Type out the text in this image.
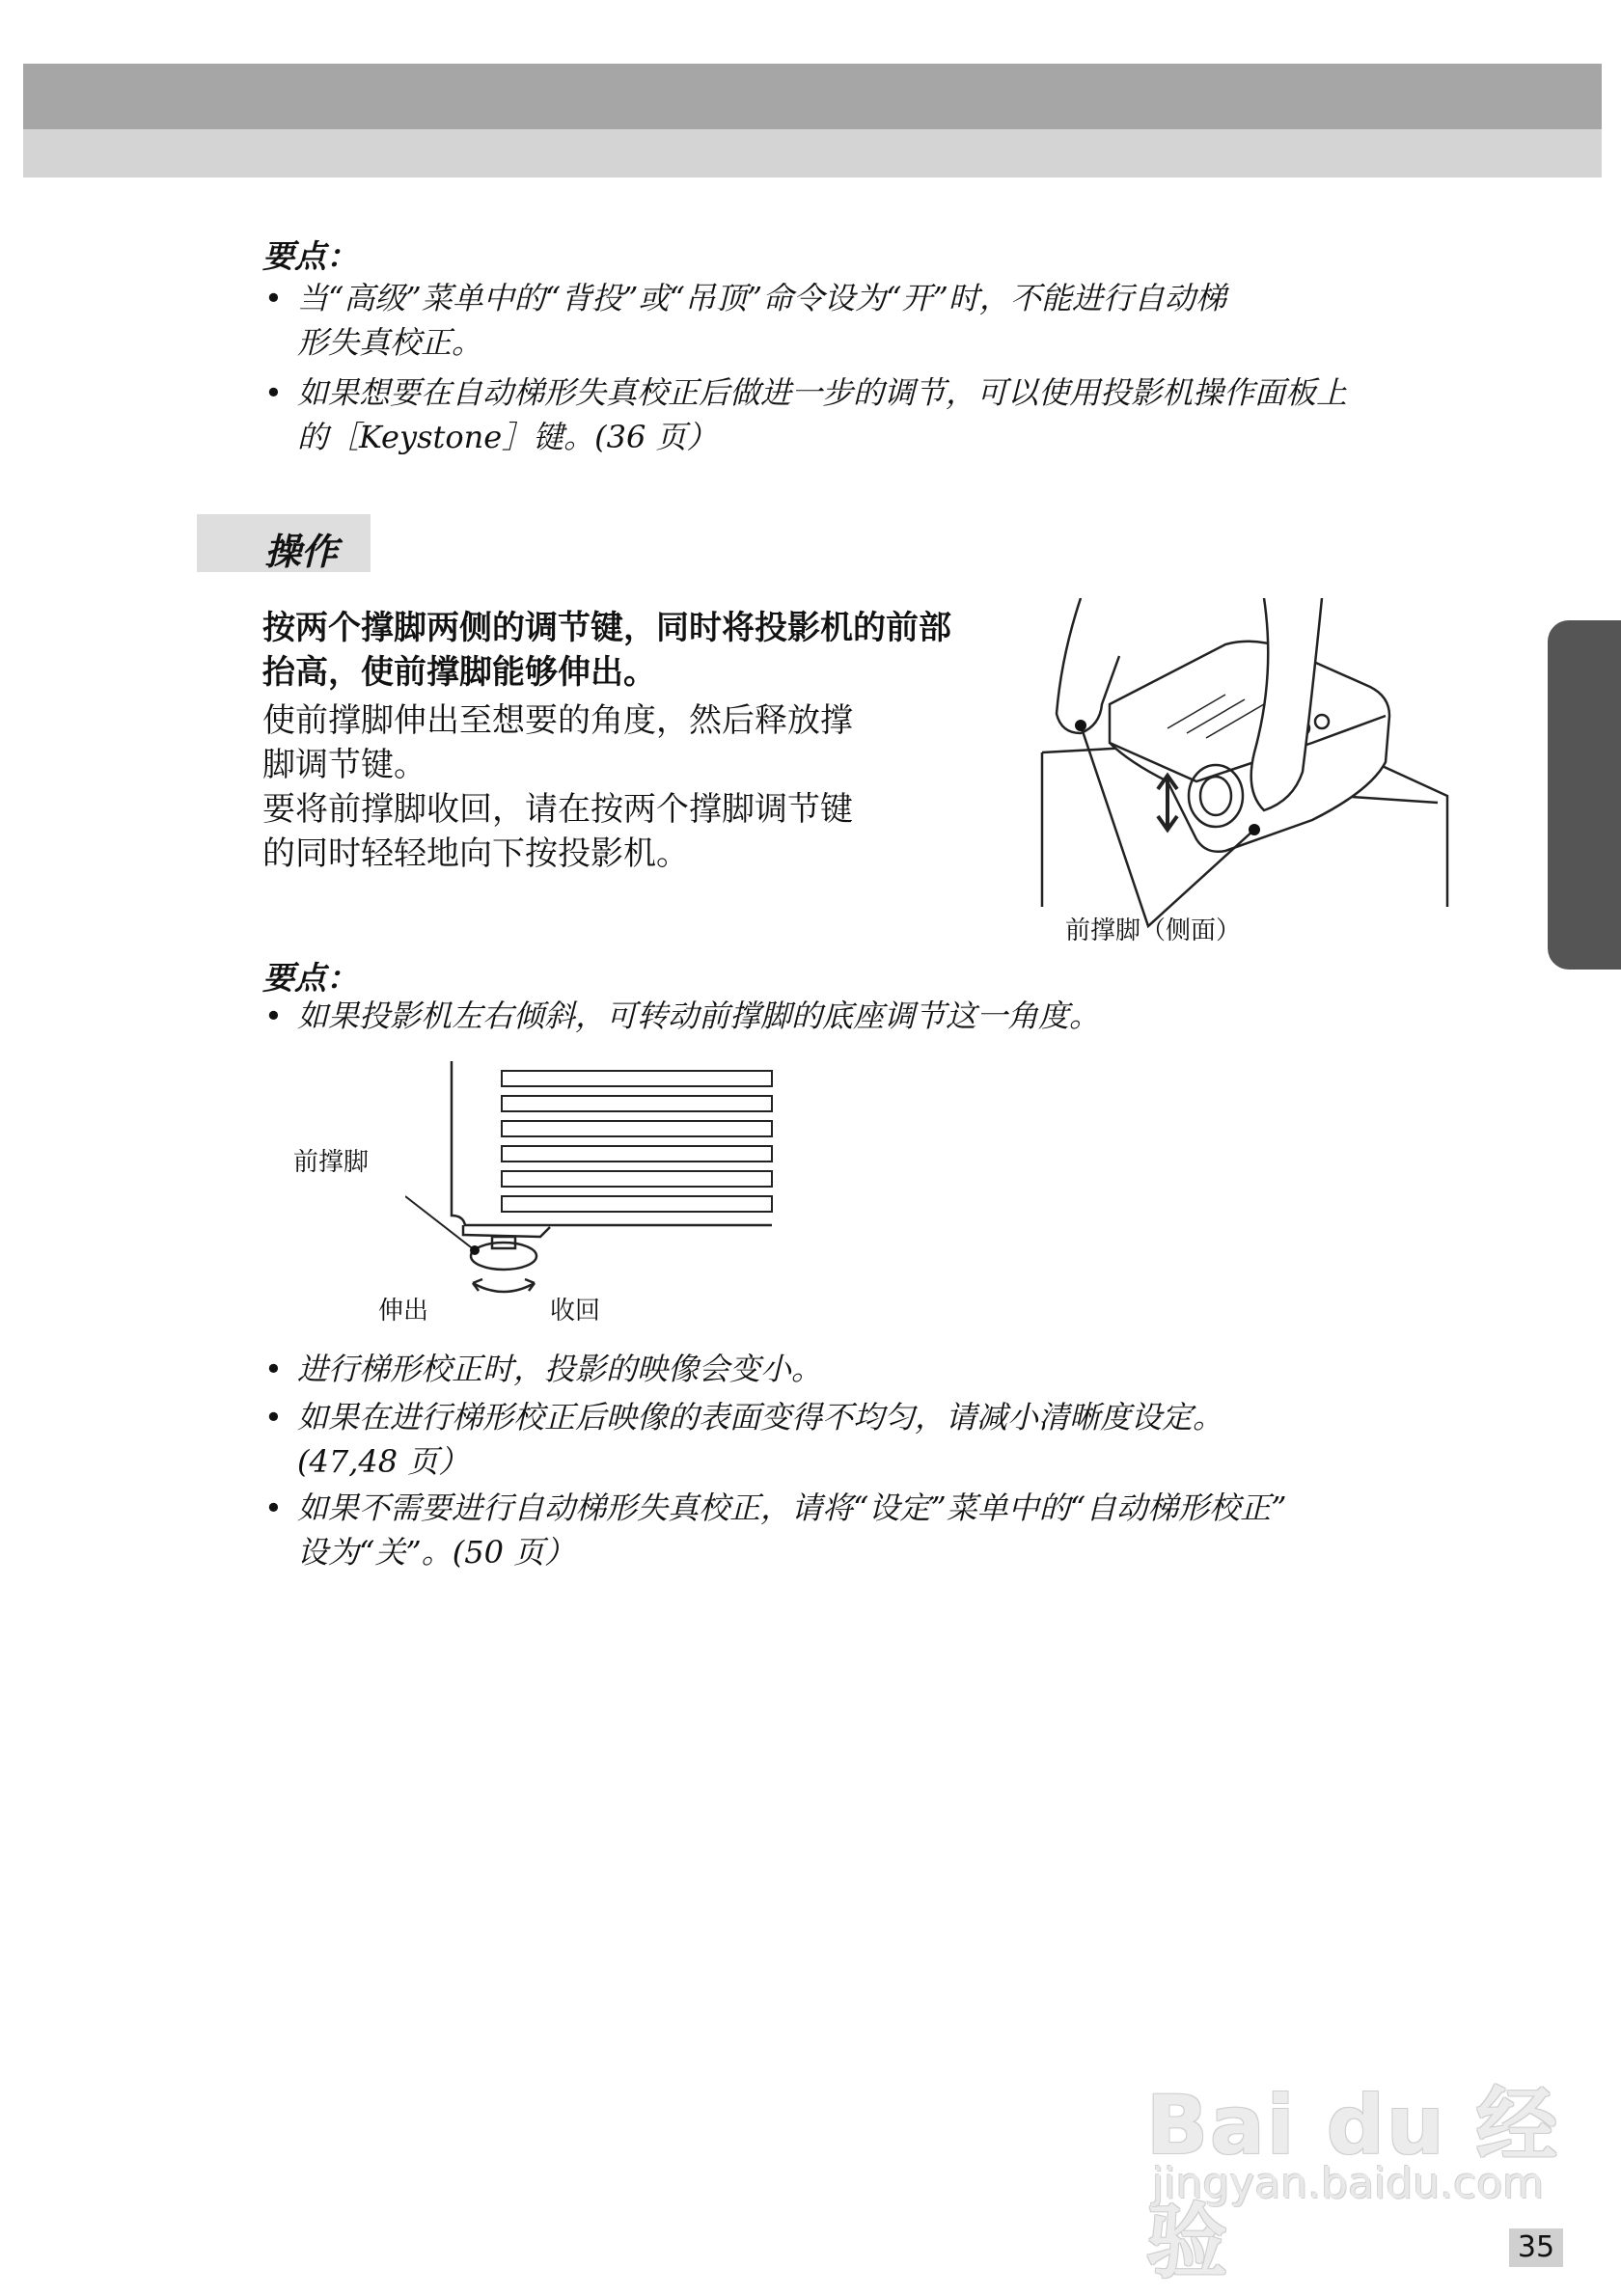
要点：
• 当“高级”菜单中的“背投”或“吊顶”命令设为“开”时，不能进行自动梯
形失真校正。
• 如果想要在自动梯形失真校正后做进一步的调节，可以使用投影机操作面板上
的［Keystone］键。(36 页）
操作
按两个撑脚两侧的调节键，同时将投影机的前部抬高，使前撑脚能够伸出。
使前撑脚伸出至想要的角度，然后释放撑
脚调节键。
要将前撑脚收回，请在按两个撑脚调节键
的同时轻轻地向下按投影机。
前撑脚（侧面）
要点：
• 如果投影机左右倾斜，可转动前撑脚的底座调节这一角度。
前撑脚
伸出	收回
• 进行梯形校正时，投影的映像会变小。
• 如果在进行梯形校正后映像的表面变得不均匀，请减小清晰度设定。
(47,48 页）
• 如果不需要进行自动梯形失真校正，请将“设定”菜单中的“自动梯形校正”
设为“关”。(50 页）
Bai du 经验
jingyan.baidu.com
35
